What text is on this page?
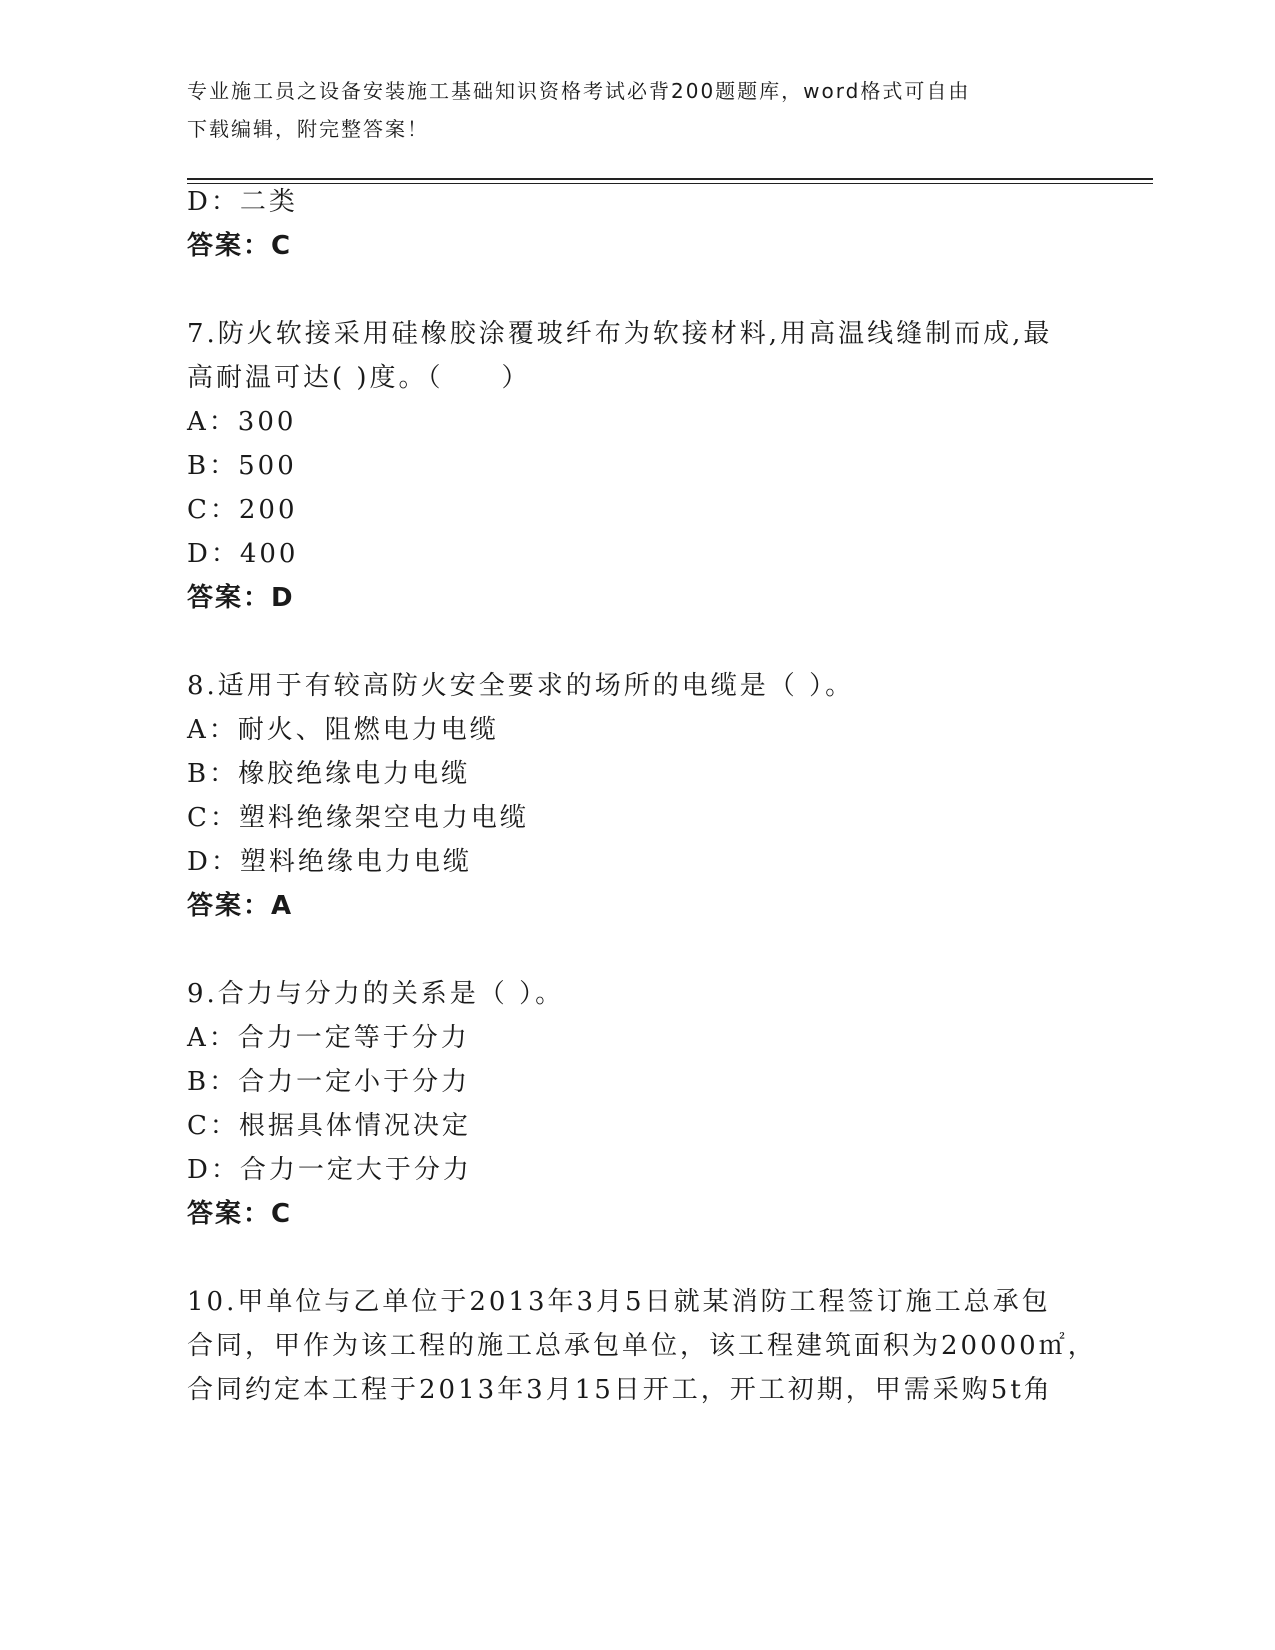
专业施工员之设备安装施工基础知识资格考试必背200题题库，word格式可自由
下载编辑，附完整答案！
D：二类
答案：C
7.防火软接采用硅橡胶涂覆玻纤布为软接材料,用高温线缝制而成,最
高耐温可达( )度。（　　）
A：300
B：500
C：200
D：400
答案：D
8.适用于有较高防火安全要求的场所的电缆是（ ）。
A：耐火、阻燃电力电缆
B：橡胶绝缘电力电缆
C：塑料绝缘架空电力电缆
D：塑料绝缘电力电缆
答案：A
9.合力与分力的关系是（ ）。
A：合力一定等于分力
B：合力一定小于分力
C：根据具体情况决定
D：合力一定大于分力
答案：C
10.甲单位与乙单位于2013年3月5日就某消防工程签订施工总承包
合同，甲作为该工程的施工总承包单位，该工程建筑面积为20000㎡，
合同约定本工程于2013年3月15日开工，开工初期，甲需采购5t角
